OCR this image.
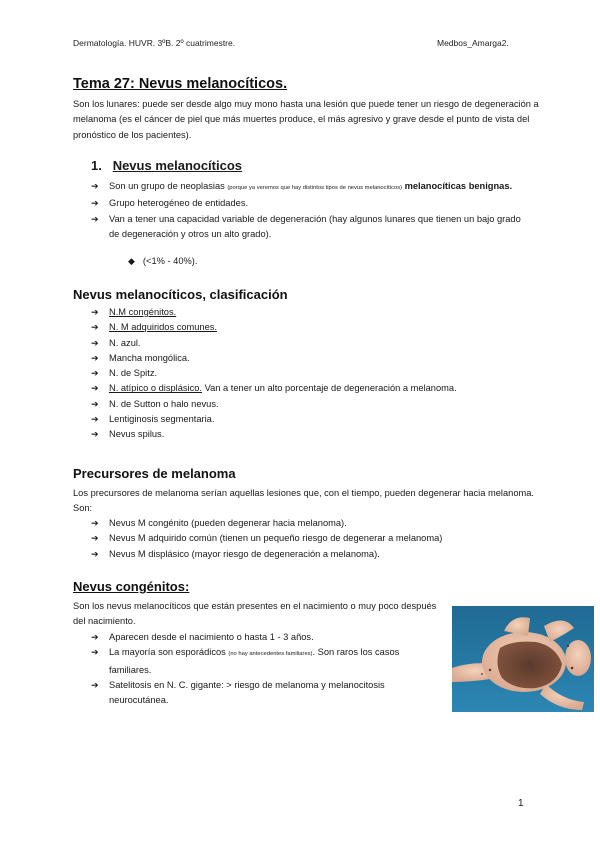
Dermatología. HUVR. 3ºB. 2º cuatrimestre.	Medbos_Amarga2.
Tema 27: Nevus melanocíticos.

Son los lunares: puede ser desde algo muy mono hasta una lesión que puede tener un riesgo de degeneración a melanoma (es el cáncer de piel que más muertes produce, el más agresivo y grave desde el punto de vista del pronóstico de los pacientes).

1. Nevus melanocíticos
➔ Son un grupo de neoplasias (porque ya veremos que hay distintos tipos de nevus melanocíticos) melanocíticas benignas.
➔ Grupo heterogéneo de entidades.
➔ Van a tener una capacidad variable de degeneración (hay algunos lunares que tienen un bajo grado de degeneración y otros un alto grado).
◆ (<1% - 40%).
Nevus melanocíticos, clasificación
➔ N.M congénitos.
➔ N. M adquiridos comunes.
➔ N. azul.
➔ Mancha mongólica.
➔ N. de Spitz.
➔ N. atípico o displásico. Van a tener un alto porcentaje de degeneración a melanoma.
➔ N. de Sutton o halo nevus.
➔ Lentiginosis segmentaria.
➔ Nevus spilus.
Precursores de melanoma

Los precursores de melanoma serían aquellas lesiones que, con el tiempo, pueden degenerar hacia melanoma. Son:

➔ Nevus M congénito (pueden degenerar hacia melanoma).
➔ Nevus M adquirido común (tienen un pequeño riesgo de degenerar a melanoma)
➔ Nevus M displásico (mayor riesgo de degeneración a melanoma).
Nevus congénitos:

Son los nevus melanocíticos que están presentes en el nacimiento o muy poco después del nacimiento.

➔ Aparecen desde el nacimiento o hasta 1 - 3 años.
➔ La mayoría son esporádicos (no hay antecedentes familiares). Son raros los casos familiares.
➔ Satelitosis en N. C. gigante: > riesgo de melanoma y melanocitosis neurocutánea.
1
